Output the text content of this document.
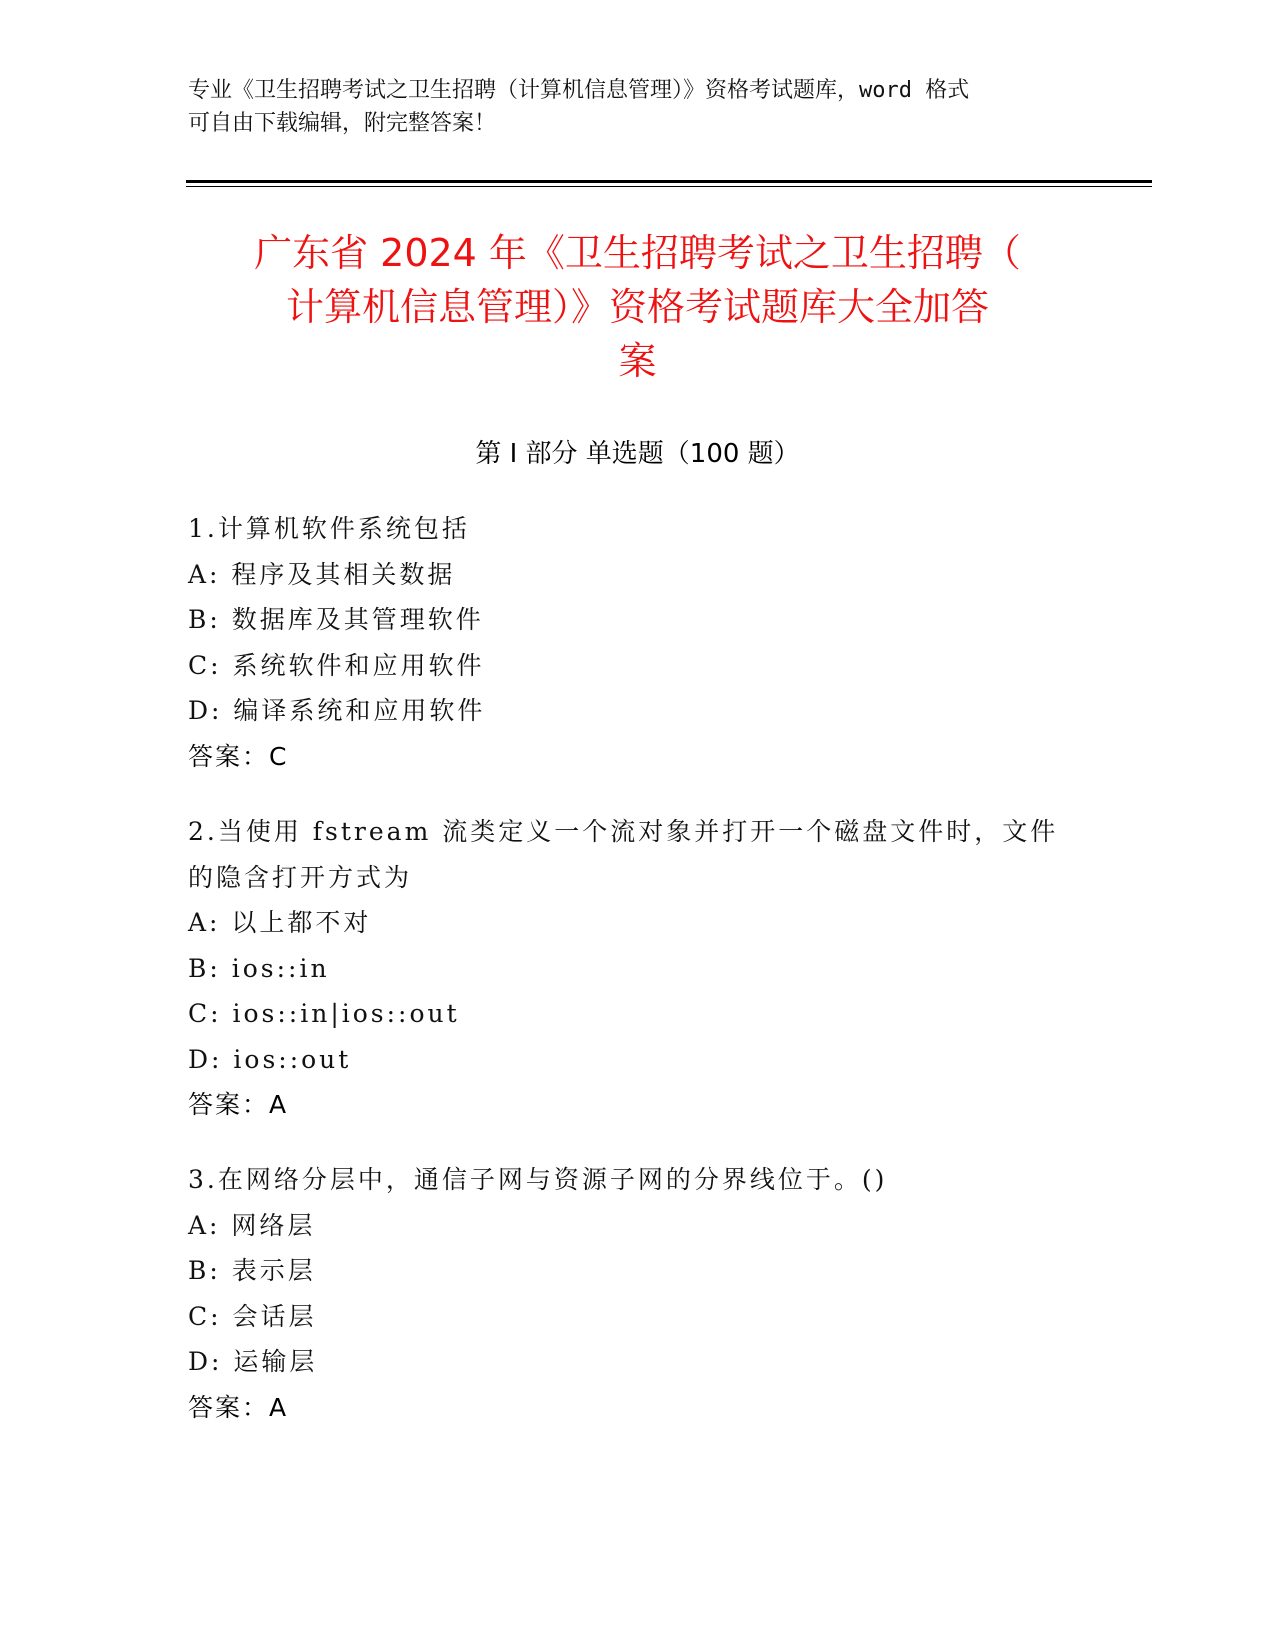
专业《卫生招聘考试之卫生招聘（计算机信息管理）》资格考试题库，word 格式
可自由下载编辑，附完整答案！
广东省 2024 年《卫生招聘考试之卫生招聘（
计算机信息管理）》资格考试题库大全加答
案
第 I 部分 单选题（100 题）
1.计算机软件系统包括
A: 程序及其相关数据
B: 数据库及其管理软件
C: 系统软件和应用软件
D: 编译系统和应用软件
答案：C
2.当使用 fstream 流类定义一个流对象并打开一个磁盘文件时，文件
的隐含打开方式为
A: 以上都不对
B: ios::in
C: ios::in|ios::out
D: ios::out
答案：A
3.在网络分层中，通信子网与资源子网的分界线位于。()
A: 网络层
B: 表示层
C: 会话层
D: 运输层
答案：A
